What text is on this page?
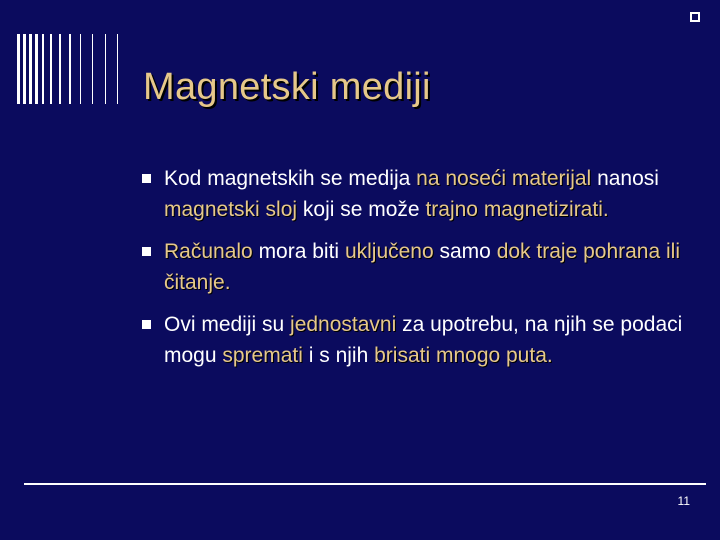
Magnetski mediji
Kod magnetskih se medija na noseći materijal nanosi magnetski sloj koji se može trajno magnetizirati.
Računalo mora biti uključeno samo dok traje pohrana ili čitanje.
Ovi mediji su jednostavni za upotrebu, na njih se podaci mogu spremati i s njih brisati mnogo puta.
11
